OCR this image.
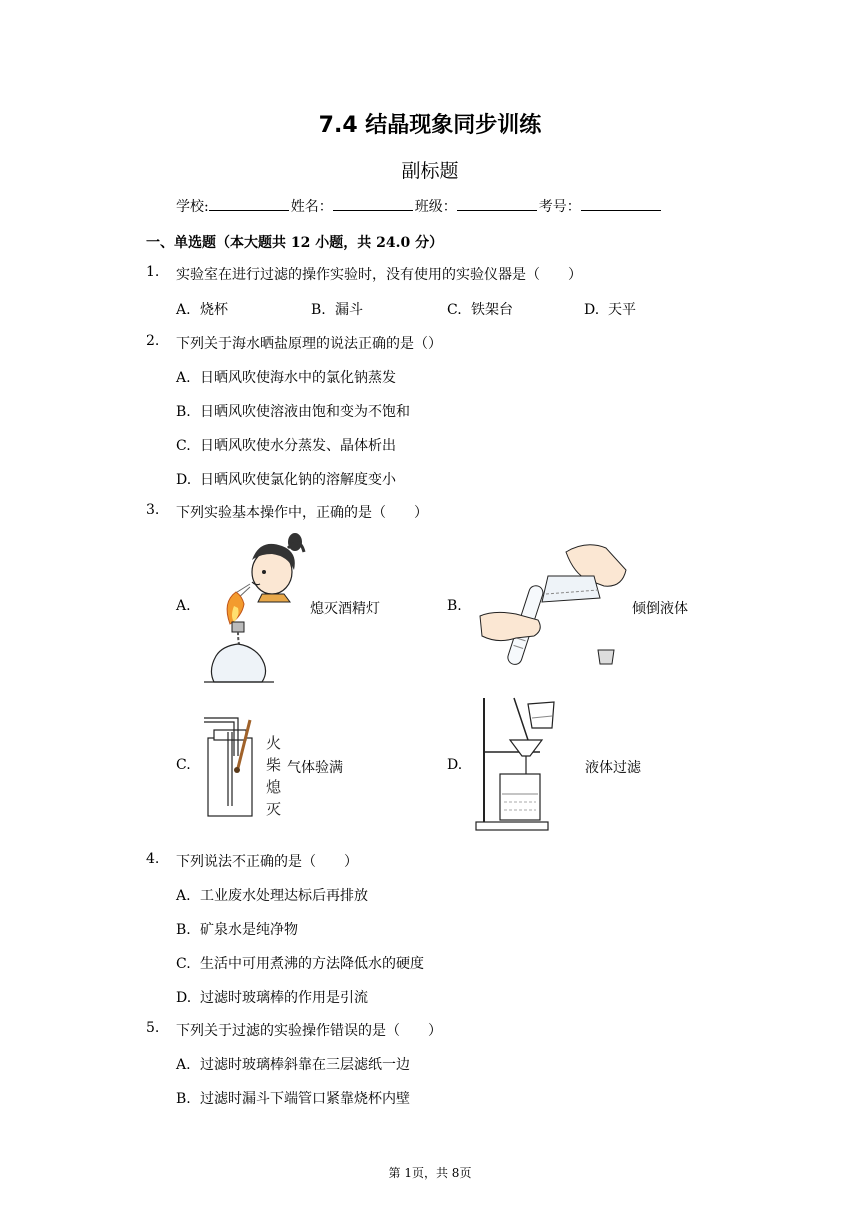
7.4 结晶现象同步训练
副标题
学校:	姓名：	班级：	考号：
一、单选题（本大题共 12 小题，共 24.0 分）
1. 实验室在进行过滤的操作实验时，没有使用的实验仪器是（　　）
A. 烧杯	B. 漏斗	C. 铁架台	D. 天平
2. 下列关于海水晒盐原理的说法正确的是（）
A. 日晒风吹使海水中的氯化钠蒸发
B. 日晒风吹使溶液由饱和变为不饱和
C. 日晒风吹使水分蒸发、晶体析出
D. 日晒风吹使氯化钠的溶解度变小
3. 下列实验基本操作中，正确的是（　　）
A.	熄灭酒精灯	B.	倾倒液体
C.
火
柴
熄
灭
气体验满	D.	液体过滤
4. 下列说法不正确的是（　　）
A. 工业废水处理达标后再排放
B. 矿泉水是纯净物
C. 生活中可用煮沸的方法降低水的硬度
D. 过滤时玻璃棒的作用是引流
5. 下列关于过滤的实验操作错误的是（　　）
A. 过滤时玻璃棒斜靠在三层滤纸一边
B. 过滤时漏斗下端管口紧靠烧杯内壁
第 1页，共 8页
